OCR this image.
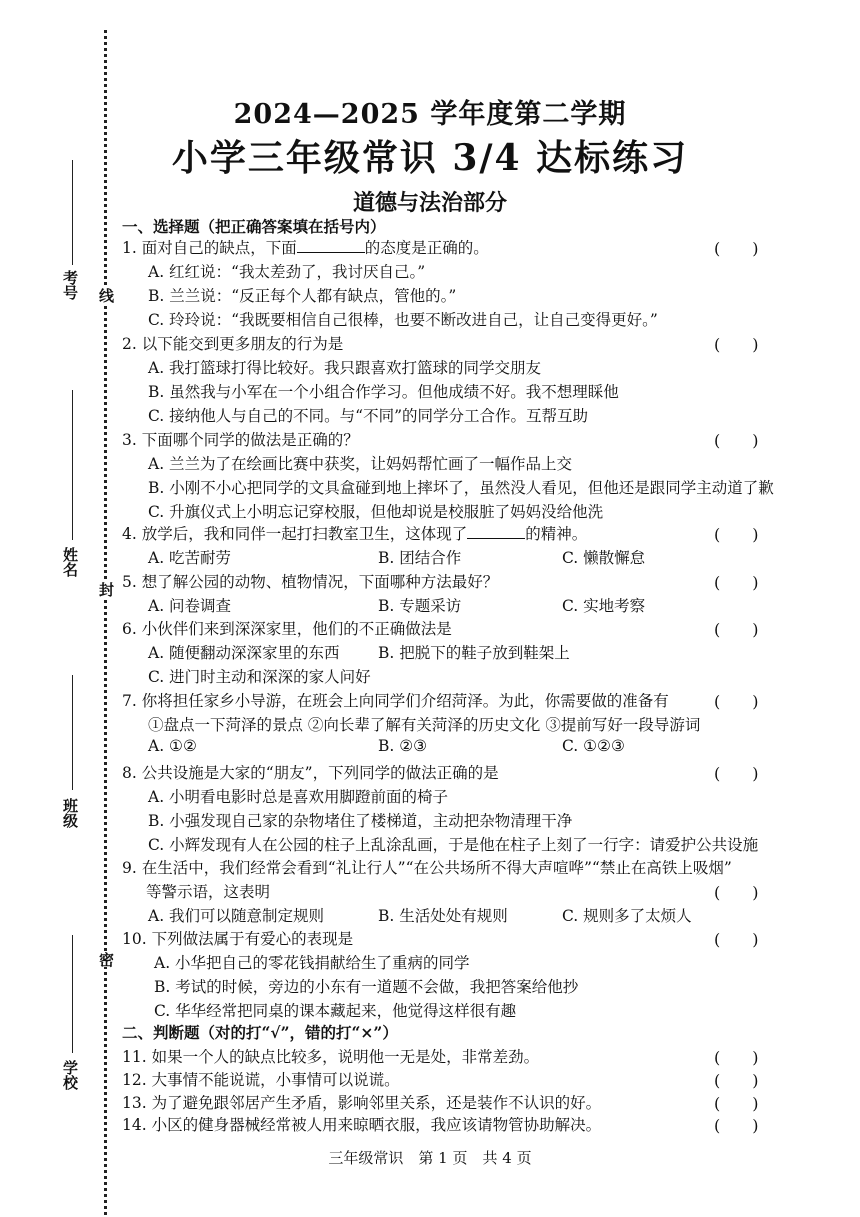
考号
姓名
班级
学校
线
封
密
2024—2025 学年度第二学期
小学三年级常识 3/4 达标练习
道德与法治部分
一、选择题（把正确答案填在括号内）
1. 面对自己的缺点，下面	的态度是正确的。	(　　)
A. 红红说：“我太差劲了，我讨厌自己。”
B. 兰兰说：“反正每个人都有缺点，管他的。”
C. 玲玲说：“我既要相信自己很棒，也要不断改进自己，让自己变得更好。”
2. 以下能交到更多朋友的行为是	(　　)
A. 我打篮球打得比较好。我只跟喜欢打篮球的同学交朋友
B. 虽然我与小军在一个小组合作学习。但他成绩不好。我不想理睬他
C. 接纳他人与自己的不同。与“不同”的同学分工合作。互帮互助
3. 下面哪个同学的做法是正确的？	(　　)
A. 兰兰为了在绘画比赛中获奖，让妈妈帮忙画了一幅作品上交
B. 小刚不小心把同学的文具盒碰到地上摔坏了，虽然没人看见，但他还是跟同学主动道了歉
C. 升旗仪式上小明忘记穿校服，但他却说是校服脏了妈妈没给他洗
4. 放学后，我和同伴一起打扫教室卫生，这体现了	的精神。	(　　)
A. 吃苦耐劳	B. 团结合作	C. 懒散懈怠
5. 想了解公园的动物、植物情况，下面哪种方法最好？	(　　)
A. 问卷调查	B. 专题采访	C. 实地考察
6. 小伙伴们来到深深家里，他们的不正确做法是	(　　)
A. 随便翻动深深家里的东西 B. 把脱下的鞋子放到鞋架上
C. 进门时主动和深深的家人问好
7. 你将担任家乡小导游，在班会上向同学们介绍菏泽。为此，你需要做的准备有	(　　)
①盘点一下菏泽的景点 ②向长辈了解有关菏泽的历史文化 ③提前写好一段导游词
A. ①②	B. ②③	C. ①②③
8. 公共设施是大家的“朋友”，下列同学的做法正确的是	(　　)
A. 小明看电影时总是喜欢用脚蹬前面的椅子
B. 小强发现自己家的杂物堵住了楼梯道，主动把杂物清理干净
C. 小辉发现有人在公园的柱子上乱涂乱画，于是他在柱子上刻了一行字：请爱护公共设施
9. 在生活中，我们经常会看到“礼让行人”“在公共场所不得大声喧哗”“禁止在高铁上吸烟”
等警示语，这表明	(　　)
A. 我们可以随意制定规则	B. 生活处处有规则	C. 规则多了太烦人
10. 下列做法属于有爱心的表现是	(　　)
A. 小华把自己的零花钱捐献给生了重病的同学
B. 考试的时候，旁边的小东有一道题不会做，我把答案给他抄
C. 华华经常把同桌的课本藏起来，他觉得这样很有趣
二、判断题（对的打“√”，错的打“×”）
11. 如果一个人的缺点比较多，说明他一无是处，非常差劲。	(　　)
12. 大事情不能说谎，小事情可以说谎。	(　　)
13. 为了避免跟邻居产生矛盾，影响邻里关系，还是装作不认识的好。	(　　)
14. 小区的健身器械经常被人用来晾晒衣服，我应该请物管协助解决。	(　　)
三年级常识　第 1 页　共 4 页
